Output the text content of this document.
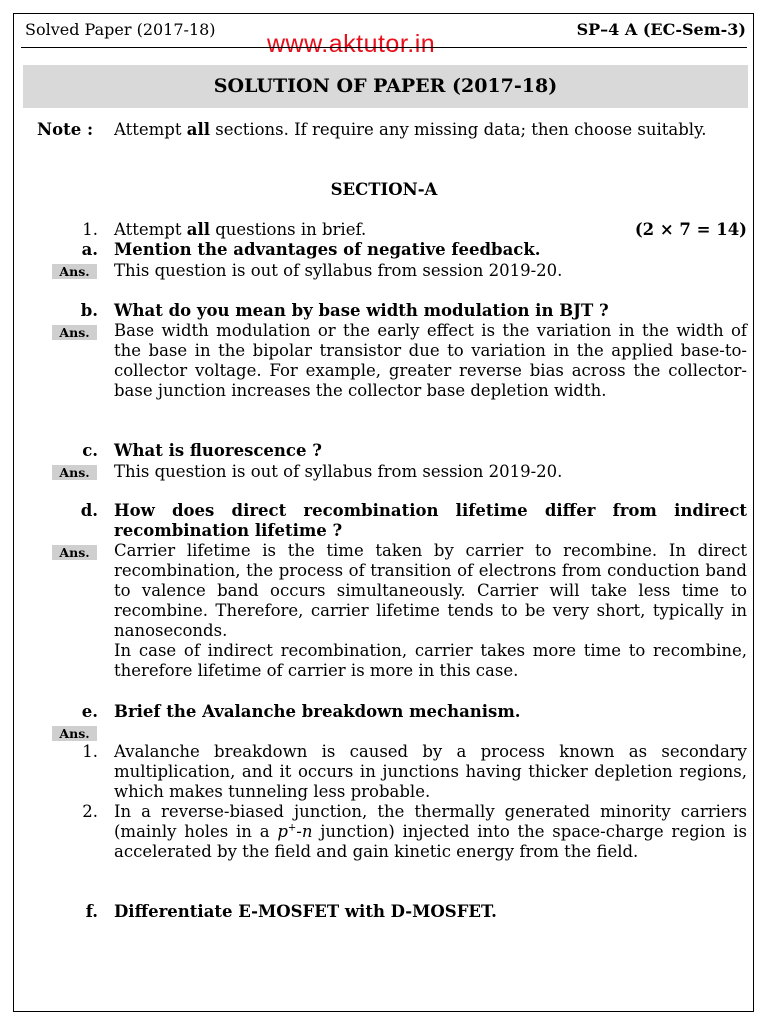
Solved Paper (2017-18)	SP–4 A (EC-Sem-3)
www.aktutor.in
SOLUTION OF PAPER (2017-18)
Note : Attempt all sections. If require any missing data; then choose suitably.
SECTION-A
1. Attempt all questions in brief.	(2 × 7 = 14)
a. Mention the advantages of negative feedback.
Ans.	This question is out of syllabus from session 2019-20.
b. What do you mean by base width modulation in BJT ?
Ans.	Base width modulation or the early effect is the variation in the width of the base in the bipolar transistor due to variation in the applied base-to-collector voltage. For example, greater reverse bias across the collector-base junction increases the collector base depletion width.
c. What is fluorescence ?
Ans.	This question is out of syllabus from session 2019-20.
d. How does direct recombination lifetime differ from indirect recombination lifetime ?
Ans.	Carrier lifetime is the time taken by carrier to recombine. In direct recombination, the process of transition of electrons from conduction band to valence band occurs simultaneously. Carrier will take less time to recombine. Therefore, carrier lifetime tends to be very short, typically in nanoseconds.
In case of indirect recombination, carrier takes more time to recombine, therefore lifetime of carrier is more in this case.
e. Brief the Avalanche breakdown mechanism.
Ans.
1. Avalanche breakdown is caused by a process known as secondary multiplication, and it occurs in junctions having thicker depletion regions, which makes tunneling less probable.
2. In a reverse-biased junction, the thermally generated minority carriers (mainly holes in a p+-n junction) injected into the space-charge region is accelerated by the field and gain kinetic energy from the field.
f. Differentiate E-MOSFET with D-MOSFET.
